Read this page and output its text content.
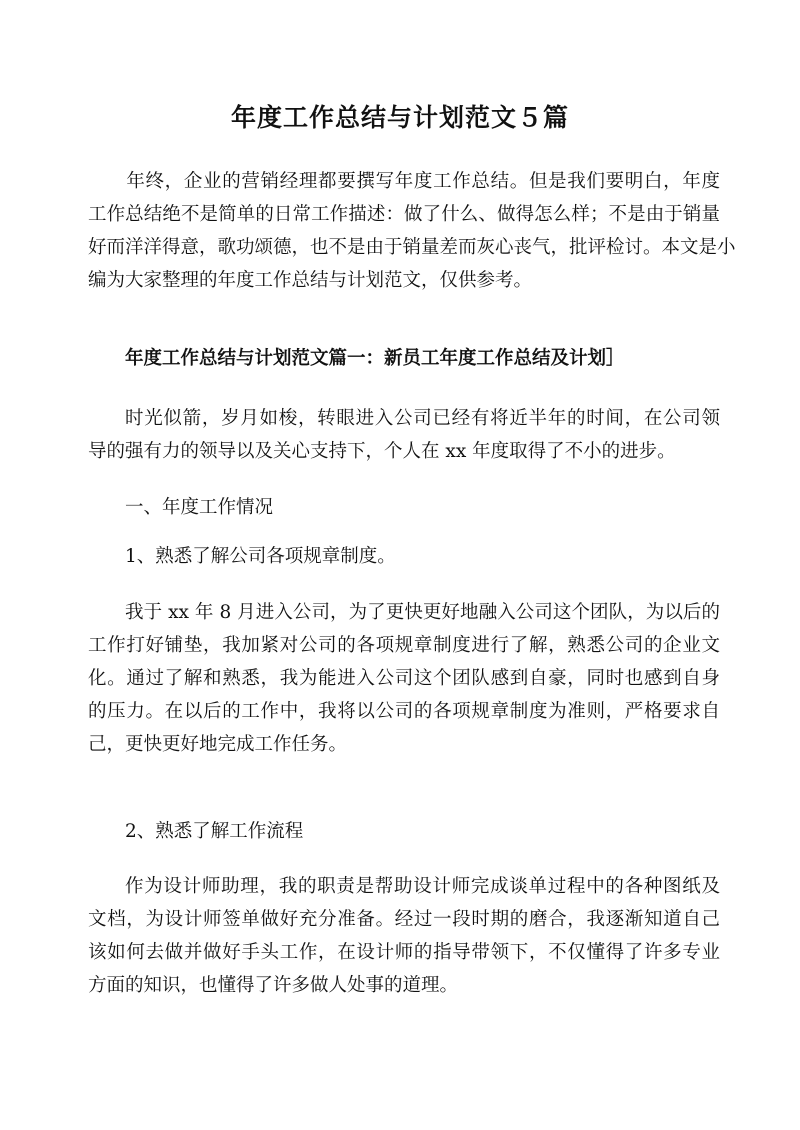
年度工作总结与计划范文５篇
　　年终，企业的营销经理都要撰写年度工作总结。但是我们要明白，年度
工作总结绝不是简单的日常工作描述：做了什么、做得怎么样；不是由于销量
好而洋洋得意，歌功颂德，也不是由于销量差而灰心丧气，批评检讨。本文是小
编为大家整理的年度工作总结与计划范文，仅供参考。
年度工作总结与计划范文篇一：新员工年度工作总结及计划］
时光似箭，岁月如梭，转眼进入公司已经有将近半年的时间，在公司领
导的强有力的领导以及关心支持下，个人在 xx 年度取得了不小的进步。
一、年度工作情况
1、熟悉了解公司各项规章制度。
我于 xx 年 8 月进入公司，为了更快更好地融入公司这个团队，为以后的
工作打好铺垫，我加紧对公司的各项规章制度进行了解，熟悉公司的企业文
化。通过了解和熟悉，我为能进入公司这个团队感到自豪，同时也感到自身
的压力。在以后的工作中，我将以公司的各项规章制度为准则，严格要求自
己，更快更好地完成工作任务。
2、熟悉了解工作流程
作为设计师助理，我的职责是帮助设计师完成谈单过程中的各种图纸及
文档，为设计师签单做好充分准备。经过一段时期的磨合，我逐渐知道自己
该如何去做并做好手头工作，在设计师的指导带领下，不仅懂得了许多专业
方面的知识，也懂得了许多做人处事的道理。
